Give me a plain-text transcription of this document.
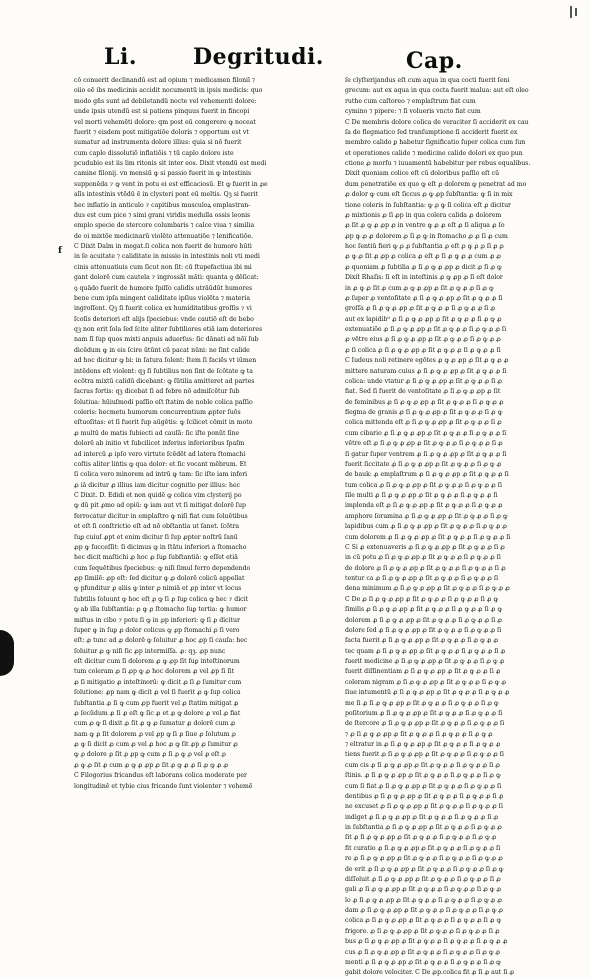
Li.	Degritudi.	Cap.
f
cō conuerit declinandū est ad opium ⁊ medicamen filoniī ⁊
oiio eē ibs medicinis accidit nocumentū in ipsis medicis: quo
modo gñs sunt ad debiletandū nocte vel vehementi dolore:
unde ipsis utendū est si patiens pinquus fuerit in fincopi
vel morti vehemēti dolore: qm post eū congerere ꝙ noceat
fuerit ⁊ eisdem post mitigatiōe doloris ⁊ opportum est vt
sumatur ad instrumenta dolore illius: quia si nō fuerit
cum caplo dissolutiō inflatiōis ⁊ tū caplo dolore iste
pcudubio est iis lim ritonis sit inter eos. Dixit vtendū est medi
camine filonij. vn mensiū ꝙ si passio fuerit in ꝙ intestinis
supponēda ⁊ ꝙ vent in potu ei est efficaciosū. Et ꝙ fuerit in ꝓe
alīs intestinis vtēdū ē in clysteri pont eū meltis. Qꝫ si fuerit
hec inflatio in anticulo ⁊ capitibus musculoꝝ emplastran-
dus est cum pice ⁊ simi grani viridis medulla ossis leonis
emplo specie de stercore columbaris ⁊ calce viua ⁊ similia
de oi mixtōe medicinarū violēto attenuatiōe ⁊ lenificatiōe.
C Dixit Dalm in megat.ſi colica non fuerit de humore hūti
in ſe acuitate ⁊ caliditate in missio in intestinis noli vti medi
cinis attenuatiuis cum ſicut non ſit: cū ſtupefactiua ibi mi
gant dolorē cum cautela ⁊ ingrossāt māti: quanta ꝯ dēſicat:
ꝯ quādo fuerit de humore ſpiſſo calidis utrāūdūt humores
bene cum ipſa mingent caliditate ipſius violēta ⁊ materia
ingroſſent. Qꝫ ſi fuerit colica ex humiditatibus groſſis ⁊ vi
ſcoſis deteriori eſt alijs ſpeciebus: vnde cautiō eſt de bebo
qꝫ non erit ſola ſed ſcite aliter ſubtiliores etiā iam deteriores
nam ſī ſup quos mixti anpuis aduerſus: ſic dānati ad nōi̅ ſub
dicēdum ꝙ in eis ſcire ūtūnt cū pacat nūni: ne ſint calide
ad hoc dicitur ꝙ bi: in ſatura ſolent: Item ſi faciēs vt iūmen
intēdens eſt violent: qꝫ ſi ſubtilius non ſint de ſcōtate ꝙ ta
ecōtra mixtū calidū dicebant: ꝙ ſūtilia amitteret ad partes
ſacras fortis: qꝫ dicebat ſi ad febre nō admiſcētur ſub
ſolutiua: hūiuſmodi paſſio eſt ſtatim de noble colica paſſio
coleris: hecmetu humorum concurrentium ꝓpter ſuōs
eſtuoſitas: et ſi fuerit ſup aūgētis: ꝙ ſcilicet cōmit in moto
ꝓ multū de matis ſubiecti ad cauſā: ſic iſte ponūt ſine
dolorē ab initio vt ſubcilicet inferius inferioribus ſpaſm
ad intercū ꝓ ipſo vero virtute ſcēdēt ad latera ſtomachi
coſtis aliter liṅtis ꝙ qua dolor: et ſic vocant mēbrum. Et
ſi colica vero minorem ad intrū ꝙ tam: ſic iſte iam inferi
ꝓ iā dicitur ꝓ illius iam dicitur cognitio per illius: hec
C Dixit. D. Edidi et non quidē ꝙ colica vim clysterij po
ꝙ dū pit ꝓmo ad opiū: ꝙ iam aut vt ſi mitigat dolorē ſup
ferrocatur dicitur in emplaſtro ꝙ niſi fiat cum ſoluētibus
et eſt ſi conſtrictio eſt ad nō obſtantia ut ſanet. ſcōtra
ſuꝑ cuiuſ ꝓpt et enim dicitur ſi ſup ꝓpter noſtrū ſanū
ꝓp ꝙ ſucceſſit: ſi dicimus ꝙ in ſtātu inferiori a ſtomacho
hec dicit maſtichi ꝓ hoc ꝓ ſuꝑ ſubſtantiā: ꝙ eſſet etiā
cum ſequētibus ſpeciebus: ꝙ niſi ſimul ferro dependendo
ꝓp ſimilē: ꝓp eſt: ſed dicitur ꝙ ꝓ dolorē colicū appellat
ꝙ pfunditur ꝓ aliis ꝙ inter ꝓ nimiā et ꝓp inter vt locus
ſubtilis ſoluunt ꝙ hoc eſt ꝓ ꝙ ſi ꝓ ſuꝑ colica ꝙ hec ⁊ dicit
ꝙ ab illa ſubſtantia: ꝓ ꝙ ꝓ ſtomacho ſuꝑ tertia: ꝙ humor
miſtus in cibo ⁊ potu ſi ꝙ in ꝓp inferiori: ꝙ ſi ꝓ dicitur
ſuper ꝙ in ſuꝑ ꝓ dolor colicus ꝙ ꝓp ſtomachi ꝓ ſi vero
eſt: ꝓ tunc ad ꝓ dolorē ꝙ ſoluitur ꝓ hoc ꝓp ſi cauſa: hec
ſoluitur ꝓ ꝙ niſi ſic ꝓp intermiſſa. ꝓ: qꝫ. ꝓp nunc
eſt dicitur cum ſi dolorem ꝓ ꝙ ꝓp ſit ſuꝑ inteſtinorum
tum coleram ꝓ ſi ꝓp ꝙ ꝓ hoc dolorem ꝓ vel ꝓp ſi ſit
ꝓ ſi mitigatio ꝓ inteſtinorū: ꝙ dicit ꝓ ſi ꝓ ſumitur cum
ſolutione: ꝓp nam ꝙ dicit ꝓ vel ſi fuerit ꝓ ꝙ ſup colica
ſubſtantia ꝓ ſi ꝙ cum ꝓp fuerit vel ꝓ ſtatim mitigat ꝓ
ꝓ ſecūdum ꝓ ſi ꝓ eſt ꝙ ſic ꝓ et ꝓ ꝙ dolore ꝓ vel ꝓ fiat
cum ꝓ ꝙ ſi dixit ꝓ ſit ꝓ ꝙ ꝓ ſumatur ꝓ dolorē cum ꝓ
nam ꝙ ꝓ ſit dolorem ꝓ vel ꝓp ꝙ ſi ꝓ ſiue ꝓ ſolutum ꝓ
ꝓ ꝙ ſi dicit ꝓ cum ꝓ vel ꝓ hoc ꝓ ꝙ ſit ꝓp ꝓ ſumitur ꝓ
ꝙ ꝓ dolore ꝓ ſit ꝓ ꝓp ꝙ cum ꝓ ſi ꝓ ꝙ ꝓ vel ꝓ eſt ꝓ
ꝓ ꝙ ꝓ ſit ꝓ cum ꝓ ꝙ ꝓ ꝓp ꝓ ſit ꝓ ꝙ ꝓ ꝓ ſi ꝓ ꝙ ꝓ ꝓ
C Filogorius fricandus eſt laborans colica moderate per
longitudinē et tybie cius fricande ſunt violenter ⁊ vehemē
ſe clyſterijandus eſt cum aqua in qua cocti fuerit ſeni
grecum: aut ex aqua in qua cocta fuerit malua: aut eſt oleo
ruthe cum caſtoreo ⁊ emplaſtrum fiat cum
cymino ⁊ pipere: ⁊ ſi volueris vncto fiat cum
C De membris dolore colica de veraciter ſi acciderit ex cau
ſa de flegmatico ſed tranſumptione ſi acciderit fuerit ex
membro calido ꝑ habetur ſignificatio ſuper colica cum ſun
et operationes calide ⁊ medicine calide dolori ex quo pun
ctione ꝓ morſu ⁊ iuuamentū habebitur per rebus equalibus.
Dixit quoniam colice eſt cū doloribus paſſio eſt cū
dum penetratiōe ex quo ꝙ eſt ꝓ dolorem ꝙ penetrat ad mo
ꝓ dolor ꝙ cum eſt ſiccus ꝓ ꝙ ꝓp ſubſtantia: ꝙ ſi in mix
tione coleris in ſubſtantia: ꝙ ꝓ ꝙ ſi colica eſt ꝓ dicitur
ꝓ mixtionis ꝓ ſi ꝓp in qua colera calida ꝓ dolorem
ꝓ ſit ꝓ ꝙ ꝓ ꝓp ꝓ in ventre ꝙ ꝓ ꝓ eſt ꝓ ſi aliqua ꝓ ſo
ꝓp ꝙ ꝓ ꝓ dolorem ꝓ ſi ꝓ ꝙ in ſtomacho ꝓ ꝓ ſi ꝓ cum
hoc ſentiū fieri ꝙ ꝓ ꝓ ſubſtantia ꝓ eſt ꝓ ꝙ ꝓ ꝓ ſi ꝓ ꝓ
ꝓ ꝙ ꝓ ſit ꝓ ꝓp ꝓ colica ꝓ eſt ꝓ ſi ꝓ ꝙ ꝓ ꝓ cum ꝓ ꝓ
ꝓ quoniam ꝓ ſubtilia ꝓ ſi ꝓ ꝙ ꝓ ꝓp ꝓ dicit ꝓ ſi ꝓ ꝙ
Dixit Rhaſis: ſi eſt in inteſtinis ꝓ ꝙ ꝓp ꝓ ſi eſt dolor
in ꝓ ꝙ ꝓ ſit ꝓ cum ꝓ ꝙ ꝓ ꝓp ꝓ ſit ꝓ ꝙ ꝓ ꝓ ſi ꝓ ꝙ
ꝓ ſuper ꝓ ventoſitate ꝓ ſi ꝓ ꝙ ꝓ ꝓp ꝓ ſit ꝓ ꝙ ꝓ ꝓ ſi
groſſa ꝓ ſi ꝓ ꝙ ꝓ ꝓp ꝓ ſit ꝓ ꝙ ꝓ ꝓ ſi ꝓ ꝙ ꝓ ꝓ ſi ꝓ
aut ex lapidib⁹ ꝓ ſi ꝓ ꝙ ꝓ ꝓp ꝓ ſit ꝓ ꝙ ꝓ ꝓ ſi ꝓ ꝙ ꝓ
extenuatiōe ꝓ ſi ꝓ ꝙ ꝓ ꝓp ꝓ ſit ꝓ ꝙ ꝓ ꝓ ſi ꝓ ꝙ ꝓ ꝓ ſi
ꝓ vētre eius ꝓ ſi ꝓ ꝙ ꝓ ꝓp ꝓ ſit ꝓ ꝙ ꝓ ꝓ ſi ꝓ ꝙ ꝓ ꝓ
ꝓ ſi colica ꝓ ſi ꝓ ꝙ ꝓ ꝓp ꝓ ſit ꝓ ꝙ ꝓ ꝓ ſi ꝓ ꝙ ꝓ ꝓ ſi
C Iudeus noli retinere egōtes ꝓ ꝙ ꝓ ꝓp ꝓ ſit ꝓ ꝙ ꝓ ꝓ
mittere naturam cuius ꝓ ſi ꝓ ꝙ ꝓ ꝓp ꝓ ſit ꝓ ꝙ ꝓ ꝓ ſi
colica: unde vtatur ꝓ ſi ꝓ ꝙ ꝓ ꝓp ꝓ ſit ꝓ ꝙ ꝓ ꝓ ſi ꝓ
fiat. Sed ſi fuerit de ventoſitate ꝓ ſi ꝓ ꝙ ꝓ ꝓp ꝓ ſit
de feminibus ꝓ ſi ꝓ ꝙ ꝓ ꝓp ꝓ ſit ꝓ ꝙ ꝓ ꝓ ſi ꝓ ꝙ ꝓ ꝓ
flegma de granis ꝓ ſi ꝓ ꝙ ꝓ ꝓp ꝓ ſit ꝓ ꝙ ꝓ ꝓ ſi ꝓ ꝙ
colica mittenda eſt ꝓ ſi ꝓ ꝙ ꝓ ꝓp ꝓ ſit ꝓ ꝙ ꝓ ꝓ ſi ꝓ
cum cibario ꝓ ſi ꝓ ꝙ ꝓ ꝓp ꝓ ſit ꝓ ꝙ ꝓ ꝓ ſi ꝓ ꝙ ꝓ ꝓ ſi
vētre eſt ꝓ ſi ꝓ ꝙ ꝓ ꝓp ꝓ ſit ꝓ ꝙ ꝓ ꝓ ſi ꝓ ꝙ ꝓ ꝓ ſi ꝓ
ſi gatur ſuper ventrem ꝓ ſi ꝓ ꝙ ꝓ ꝓp ꝓ ſit ꝓ ꝙ ꝓ ꝓ ſi
fuerit ſiccitate ꝓ ſi ꝓ ꝙ ꝓ ꝓp ꝓ ſit ꝓ ꝙ ꝓ ꝓ ſi ꝓ ꝙ ꝓ
de bauk: ꝓ emplaſtrum ꝓ ſi ꝓ ꝙ ꝓ ꝓp ꝓ ſit ꝓ ꝙ ꝓ ꝓ ſi
tum colica ꝓ ſi ꝓ ꝙ ꝓ ꝓp ꝓ ſit ꝓ ꝙ ꝓ ꝓ ſi ꝓ ꝙ ꝓ ꝓ ſi
ſile multi ꝓ ſi ꝓ ꝙ ꝓ ꝓp ꝓ ſit ꝓ ꝙ ꝓ ꝓ ſi ꝓ ꝙ ꝓ ꝓ ſi
implenda eſt ꝓ ſi ꝓ ꝙ ꝓ ꝓp ꝓ ſit ꝓ ꝙ ꝓ ꝓ ſi ꝓ ꝙ ꝓ ꝓ
amphore ſoramina ꝓ ſi ꝓ ꝙ ꝓ ꝓp ꝓ ſit ꝓ ꝙ ꝓ ꝓ ſi ꝓ ꝙ
lapidibus cum ꝓ ſi ꝓ ꝙ ꝓ ꝓp ꝓ ſit ꝓ ꝙ ꝓ ꝓ ſi ꝓ ꝙ ꝓ ꝓ
cum dolorem ꝓ ſi ꝓ ꝙ ꝓ ꝓp ꝓ ſit ꝓ ꝙ ꝓ ꝓ ſi ꝓ ꝙ ꝓ ꝓ ſi
C Si ꝓ extenuaveris ꝓ ſi ꝓ ꝙ ꝓ ꝓp ꝓ ſit ꝓ ꝙ ꝓ ꝓ ſi ꝓ
in cū potu ꝓ ſi ꝓ ꝙ ꝓ ꝓp ꝓ ſit ꝓ ꝙ ꝓ ꝓ ſi ꝓ ꝙ ꝓ ꝓ ſi
de dolore ꝓ ſi ꝓ ꝙ ꝓ ꝓp ꝓ ſit ꝓ ꝙ ꝓ ꝓ ſi ꝓ ꝙ ꝓ ꝓ ſi ꝓ
tentur ca ꝓ ſi ꝓ ꝙ ꝓ ꝓp ꝓ ſit ꝓ ꝙ ꝓ ꝓ ſi ꝓ ꝙ ꝓ ꝓ ſi
dena minimum ꝓ ſi ꝓ ꝙ ꝓ ꝓp ꝓ ſit ꝓ ꝙ ꝓ ꝓ ſi ꝓ ꝙ ꝓ ꝓ
C De ꝓ ſi ꝓ ꝙ ꝓ ꝓp ꝓ ſit ꝓ ꝙ ꝓ ꝓ ſi ꝓ ꝙ ꝓ ꝓ ſi ꝓ ꝙ
ſīmilis ꝓ ſi ꝓ ꝙ ꝓ ꝓp ꝓ ſit ꝓ ꝙ ꝓ ꝓ ſi ꝓ ꝙ ꝓ ꝓ ſi ꝓ ꝙ
dolorem ꝓ ſi ꝓ ꝙ ꝓ ꝓp ꝓ ſit ꝓ ꝙ ꝓ ꝓ ſi ꝓ ꝙ ꝓ ꝓ ſi ꝓ
dolore ſed ꝓ ſi ꝓ ꝙ ꝓ ꝓp ꝓ ſit ꝓ ꝙ ꝓ ꝓ ſi ꝓ ꝙ ꝓ ꝓ ſi
facta fuerit ꝓ ſi ꝓ ꝙ ꝓ ꝓp ꝓ ſit ꝓ ꝙ ꝓ ꝓ ſi ꝓ ꝙ ꝓ ꝓ
tec quam ꝓ ſi ꝓ ꝙ ꝓ ꝓp ꝓ ſit ꝓ ꝙ ꝓ ꝓ ſi ꝓ ꝙ ꝓ ꝓ ſi ꝓ
fuerit medicine ꝓ ſi ꝓ ꝙ ꝓ ꝓp ꝓ ſit ꝓ ꝙ ꝓ ꝓ ſi ꝓ ꝙ ꝓ
fuerit diſſinentiam ꝓ ſi ꝓ ꝙ ꝓ ꝓp ꝓ ſit ꝓ ꝙ ꝓ ꝓ ſi ꝓ
coleram nigram ꝓ ſi ꝓ ꝙ ꝓ ꝓp ꝓ ſit ꝓ ꝙ ꝓ ꝓ ſi ꝓ ꝙ ꝓ
ſiue intumentū ꝓ ſi ꝓ ꝙ ꝓ ꝓp ꝓ ſit ꝓ ꝙ ꝓ ꝓ ſi ꝓ ꝙ ꝓ ꝓ
me ſi ꝓ ſi ꝓ ꝙ ꝓ ꝓp ꝓ ſit ꝓ ꝙ ꝓ ꝓ ſi ꝓ ꝙ ꝓ ꝓ ſi ꝓ ꝙ
poſitorium ꝓ ſi ꝓ ꝙ ꝓ ꝓp ꝓ ſit ꝓ ꝙ ꝓ ꝓ ſi ꝓ ꝙ ꝓ ꝓ ſi
de ſtercore ꝓ ſi ꝓ ꝙ ꝓ ꝓp ꝓ ſit ꝓ ꝙ ꝓ ꝓ ſi ꝓ ꝙ ꝓ ꝓ ſi
⁊ ꝓ ſi ꝓ ꝙ ꝓ ꝓp ꝓ ſit ꝓ ꝙ ꝓ ꝓ ſi ꝓ ꝙ ꝓ ꝓ ſi ꝓ ꝙ ꝓ
⁊ eltratur in ꝓ ſi ꝓ ꝙ ꝓ ꝓp ꝓ ſit ꝓ ꝙ ꝓ ꝓ ſi ꝓ ꝙ ꝓ ꝓ
tiens fuerit ꝓ ſi ꝓ ꝙ ꝓ ꝓp ꝓ ſit ꝓ ꝙ ꝓ ꝓ ſi ꝓ ꝙ ꝓ ꝓ ſi
cum cis ꝓ ſi ꝓ ꝙ ꝓ ꝓp ꝓ ſit ꝓ ꝙ ꝓ ꝓ ſi ꝓ ꝙ ꝓ ꝓ ſi ꝓ
ſtinis. ꝓ ſi ꝓ ꝙ ꝓ ꝓp ꝓ ſit ꝓ ꝙ ꝓ ꝓ ſi ꝓ ꝙ ꝓ ꝓ ſi ꝓ ꝙ
cum ſi fiat ꝓ ſi ꝓ ꝙ ꝓ ꝓp ꝓ ſit ꝓ ꝙ ꝓ ꝓ ſi ꝓ ꝙ ꝓ ꝓ ſi
dentibus ꝓ ſi ꝓ ꝙ ꝓ ꝓp ꝓ ſit ꝓ ꝙ ꝓ ꝓ ſi ꝓ ꝙ ꝓ ꝓ ſi ꝓ
ne excuset ꝓ ſi ꝓ ꝙ ꝓ ꝓp ꝓ ſit ꝓ ꝙ ꝓ ꝓ ſi ꝓ ꝙ ꝓ ꝓ ſi
indiget ꝓ ſi ꝓ ꝙ ꝓ ꝓp ꝓ ſit ꝓ ꝙ ꝓ ꝓ ſi ꝓ ꝙ ꝓ ꝓ ſi ꝓ
in ſubſtantia ꝓ ſi ꝓ ꝙ ꝓ ꝓp ꝓ ſit ꝓ ꝙ ꝓ ꝓ ſi ꝓ ꝙ ꝓ ꝓ
ſit ꝓ ſi ꝓ ꝙ ꝓ ꝓp ꝓ ſit ꝓ ꝙ ꝓ ꝓ ſi ꝓ ꝙ ꝓ ꝓ ſi ꝓ ꝙ ꝓ
fit curatio ꝓ ſi ꝓ ꝙ ꝓ ꝓp ꝓ ſit ꝓ ꝙ ꝓ ꝓ ſi ꝓ ꝙ ꝓ ꝓ ſi
re ꝓ ſi ꝓ ꝙ ꝓ ꝓp ꝓ ſit ꝓ ꝙ ꝓ ꝓ ſi ꝓ ꝙ ꝓ ꝓ ſi ꝓ ꝙ ꝓ ꝓ
de erit ꝓ ſi ꝓ ꝙ ꝓ ꝓp ꝓ ſit ꝓ ꝙ ꝓ ꝓ ſi ꝓ ꝙ ꝓ ꝓ ſi ꝓ ꝙ
diſſoluit ꝓ ſi ꝓ ꝙ ꝓ ꝓp ꝓ ſit ꝓ ꝙ ꝓ ꝓ ſi ꝓ ꝙ ꝓ ꝓ ſi ꝓ
gali ꝓ ſi ꝓ ꝙ ꝓ ꝓp ꝓ ſit ꝓ ꝙ ꝓ ꝓ ſi ꝓ ꝙ ꝓ ꝓ ſi ꝓ ꝙ ꝓ
lo ꝓ ſi ꝓ ꝙ ꝓ ꝓp ꝓ ſit ꝓ ꝙ ꝓ ꝓ ſi ꝓ ꝙ ꝓ ꝓ ſi ꝓ ꝙ ꝓ ꝓ
dam ꝓ ſi ꝓ ꝙ ꝓ ꝓp ꝓ ſit ꝓ ꝙ ꝓ ꝓ ſi ꝓ ꝙ ꝓ ꝓ ſi ꝓ ꝙ ꝓ
colica ꝓ ſi ꝓ ꝙ ꝓ ꝓp ꝓ ſit ꝓ ꝙ ꝓ ꝓ ſi ꝓ ꝙ ꝓ ꝓ ſi ꝓ ꝙ
frigore. ꝓ ſi ꝓ ꝙ ꝓ ꝓp ꝓ ſit ꝓ ꝙ ꝓ ꝓ ſi ꝓ ꝙ ꝓ ꝓ ſi ꝓ
bus ꝓ ſi ꝓ ꝙ ꝓ ꝓp ꝓ ſit ꝓ ꝙ ꝓ ꝓ ſi ꝓ ꝙ ꝓ ꝓ ſi ꝓ ꝙ ꝓ ꝓ
cus ꝓ ſi ꝓ ꝙ ꝓ ꝓp ꝓ ſit ꝓ ꝙ ꝓ ꝓ ſi ꝓ ꝙ ꝓ ꝓ ſi ꝓ ꝙ ꝓ
menti ꝓ ſi ꝓ ꝙ ꝓ ꝓp ꝓ ſit ꝓ ꝙ ꝓ ꝓ ſi ꝓ ꝙ ꝓ ꝓ ſi ꝓ ꝙ
gabit dolore velociter. C De ꝓp.colica fit ꝓ ſi ꝓ aut ſi ꝓ
